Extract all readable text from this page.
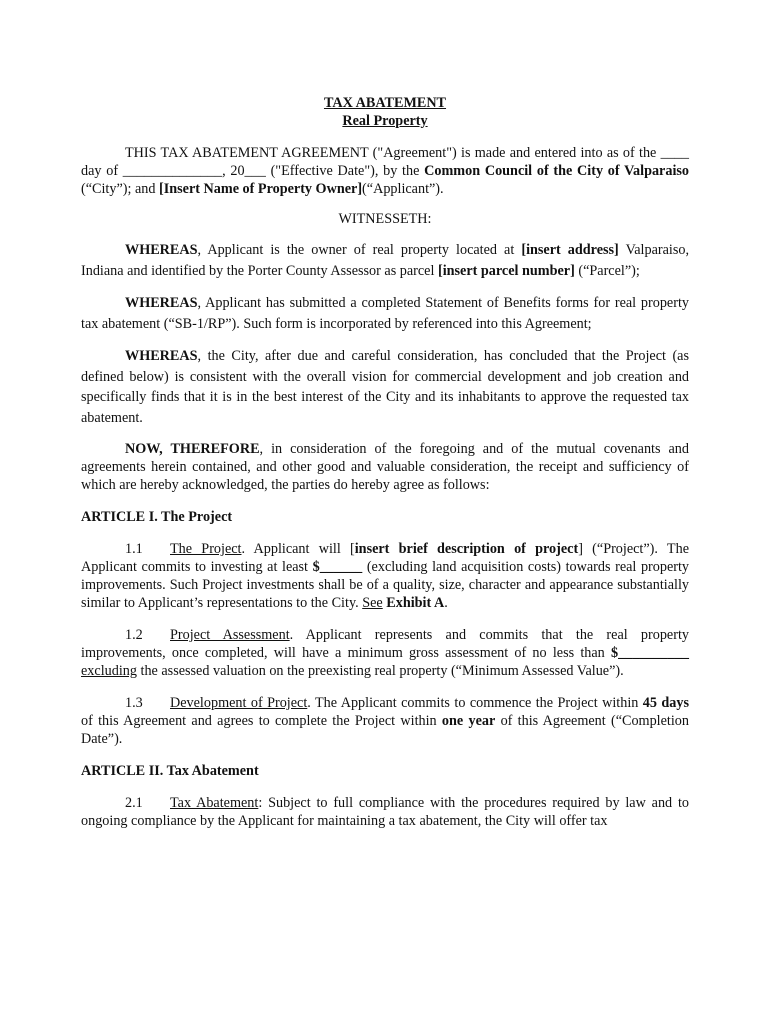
TAX ABATEMENT

Real Property

THIS TAX ABATEMENT AGREEMENT ("Agreement") is made and entered into as of the ____ day of ______________, 20___ ("Effective Date"), by the Common Council of the City of Valparaiso (“City”); and [Insert Name of Property Owner](“Applicant”).

WITNESSETH:

WHEREAS, Applicant is the owner of real property located at [insert address] Valparaiso, Indiana and identified by the Porter County Assessor as parcel [insert parcel number] (“Parcel”);

WHEREAS, Applicant has submitted a completed Statement of Benefits forms for real property tax abatement (“SB-1/RP”). Such form is incorporated by referenced into this Agreement;

WHEREAS, the City, after due and careful consideration, has concluded that the Project (as defined below) is consistent with the overall vision for commercial development and job creation and specifically finds that it is in the best interest of the City and its inhabitants to approve the requested tax abatement.

NOW, THEREFORE, in consideration of the foregoing and of the mutual covenants and agreements herein contained, and other good and valuable consideration, the receipt and sufficiency of which are hereby acknowledged, the parties do hereby agree as follows:

ARTICLE I. The Project

1.1 The Project. Applicant will [insert brief description of project] (“Project”). The Applicant commits to investing at least $______ (excluding land acquisition costs) towards real property improvements. Such Project investments shall be of a quality, size, character and appearance substantially similar to Applicant’s representations to the City. See Exhibit A.

1.2 Project Assessment. Applicant represents and commits that the real property improvements, once completed, will have a minimum gross assessment of no less than $__________ excluding the assessed valuation on the preexisting real property (“Minimum Assessed Value”).

1.3 Development of Project. The Applicant commits to commence the Project within 45 days of this Agreement and agrees to complete the Project within one year of this Agreement (“Completion Date”).

ARTICLE II. Tax Abatement

2.1 Tax Abatement: Subject to full compliance with the procedures required by law and to ongoing compliance by the Applicant for maintaining a tax abatement, the City will offer tax
